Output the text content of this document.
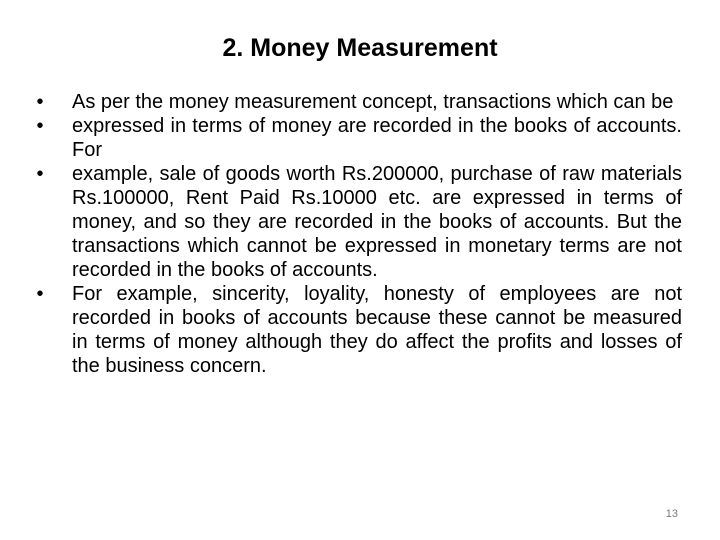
2. Money Measurement
•	As per the money measurement concept, transactions which can be
•	expressed in terms of money are recorded in the books of accounts. For
•	example, sale of goods worth Rs.200000, purchase of raw materials Rs.100000, Rent Paid Rs.10000 etc. are expressed in terms of money, and so they are recorded in the books of accounts. But the transactions which cannot be expressed in monetary terms are not recorded in the books of accounts.
•	For example, sincerity, loyality, honesty of employees are not recorded in books of accounts because these cannot be measured in terms of money although they do affect the profits and losses of the business concern.
13
